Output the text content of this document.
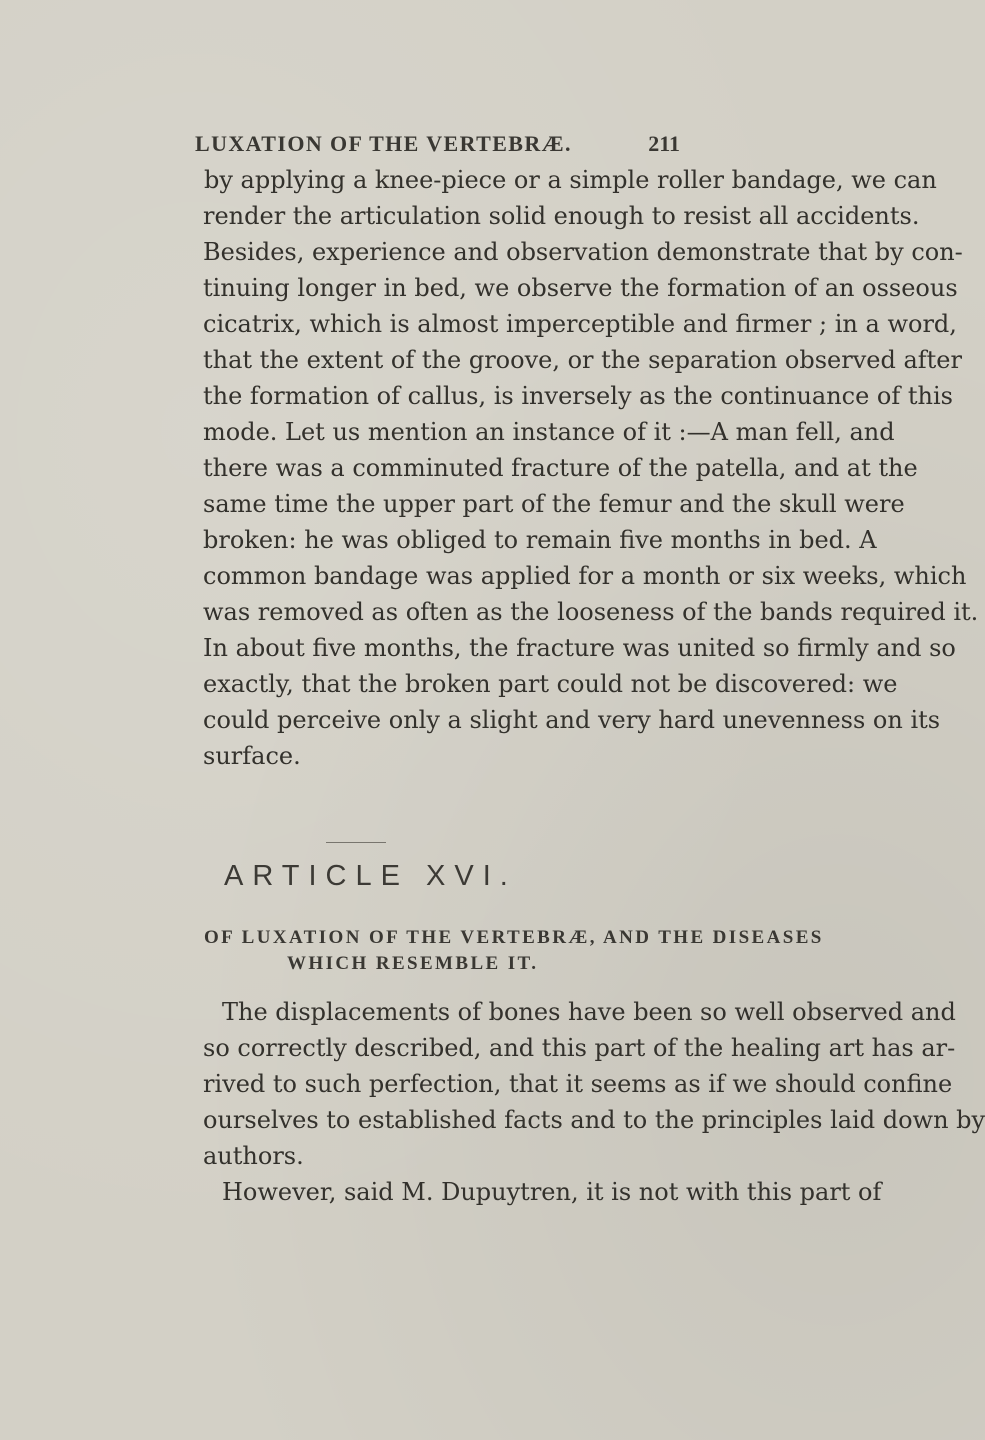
LUXATION OF THE VERTEBRÆ.	211
by applying a knee-piece or a simple roller bandage, we can
render the articulation solid enough to resist all accidents.
Besides, experience and observation demonstrate that by con-
tinuing longer in bed, we observe the formation of an osseous
cicatrix, which is almost imperceptible and firmer ; in a word,
that the extent of the groove, or the separation observed after
the formation of callus, is inversely as the continuance of this
mode. Let us mention an instance of it :—A man fell, and
there was a comminuted fracture of the patella, and at the
same time the upper part of the femur and the skull were
broken: he was obliged to remain five months in bed. A
common bandage was applied for a month or six weeks, which
was removed as often as the looseness of the bands required it.
In about five months, the fracture was united so firmly and so
exactly, that the broken part could not be discovered: we
could perceive only a slight and very hard unevenness on its
surface.
ARTICLE XVI.
OF LUXATION OF THE VERTEBRÆ, AND THE DISEASES
WHICH RESEMBLE IT.
The displacements of bones have been so well observed and
so correctly described, and this part of the healing art has ar-
rived to such perfection, that it seems as if we should confine
ourselves to established facts and to the principles laid down by
authors.
However, said M. Dupuytren, it is not with this part of
